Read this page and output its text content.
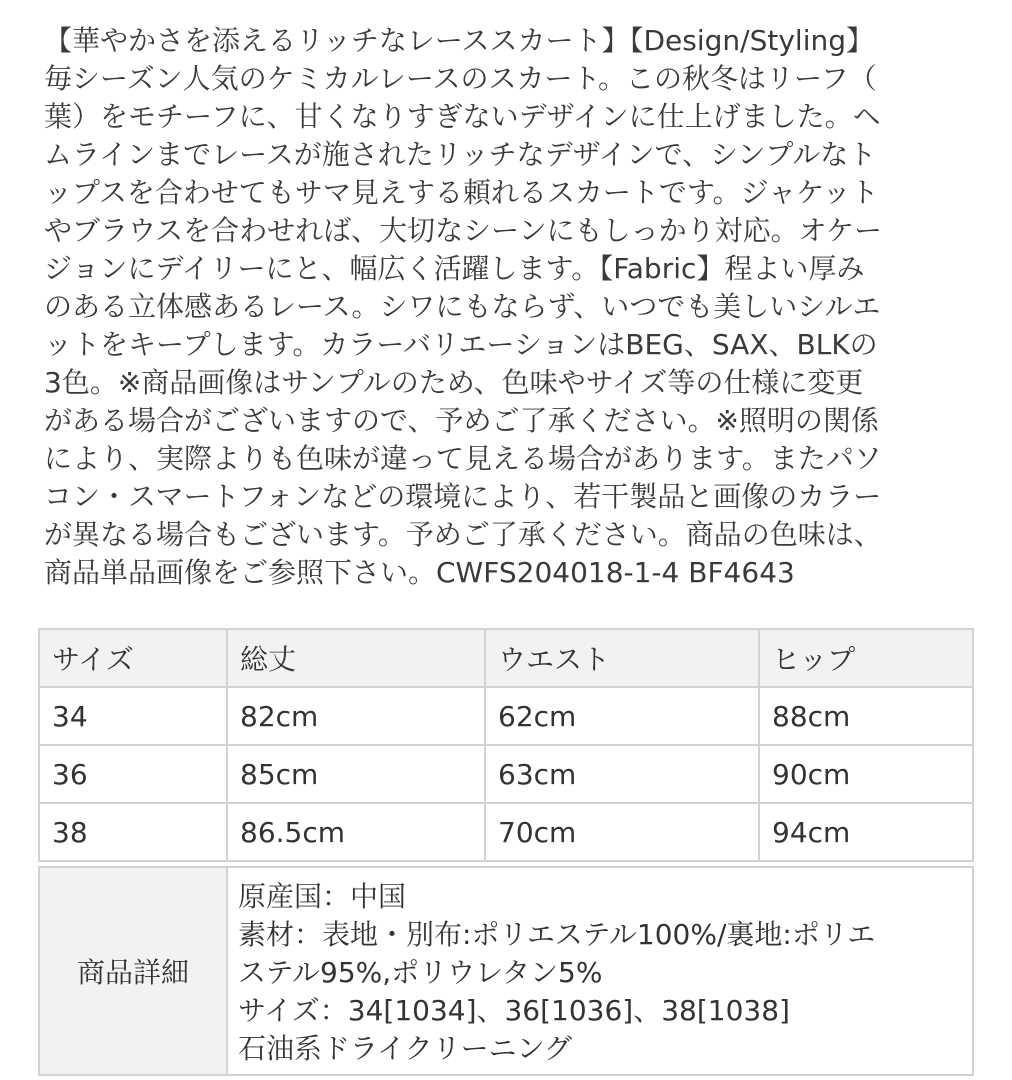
【華やかさを添えるリッチなレーススカート】【Design/Styling】
毎シーズン人気のケミカルレースのスカート。この秋冬はリーフ（
葉）をモチーフに、甘くなりすぎないデザインに仕上げました。ヘ
ムラインまでレースが施されたリッチなデザインで、シンプルなト
ップスを合わせてもサマ見えする頼れるスカートです。ジャケット
やブラウスを合わせれば、大切なシーンにもしっかり対応。オケー
ジョンにデイリーにと、幅広く活躍します。【Fabric】程よい厚み
のある立体感あるレース。シワにもならず、いつでも美しいシルエ
ットをキープします。カラーバリエーションはBEG、SAX、BLKの
3色。※商品画像はサンプルのため、色味やサイズ等の仕様に変更
がある場合がございますので、予めご了承ください。※照明の関係
により、実際よりも色味が違って見える場合があります。またパソ
コン・スマートフォンなどの環境により、若干製品と画像のカラー
が異なる場合もございます。予めご了承ください。商品の色味は、
商品単品画像をご参照下さい。CWFS204018-1-4 BF4643
サイズ	総丈	ウエスト	ヒップ
34	82cm	62cm	88cm
36	85cm	63cm	90cm
38	86.5cm	70cm	94cm
商品詳細	
原産国：中国
素材：表地・別布:ポリエステル100%/裏地:ポリエ
ステル95%,ポリウレタン5%
サイズ：34[1034]、36[1036]、38[1038]
石油系ドライクリーニング
